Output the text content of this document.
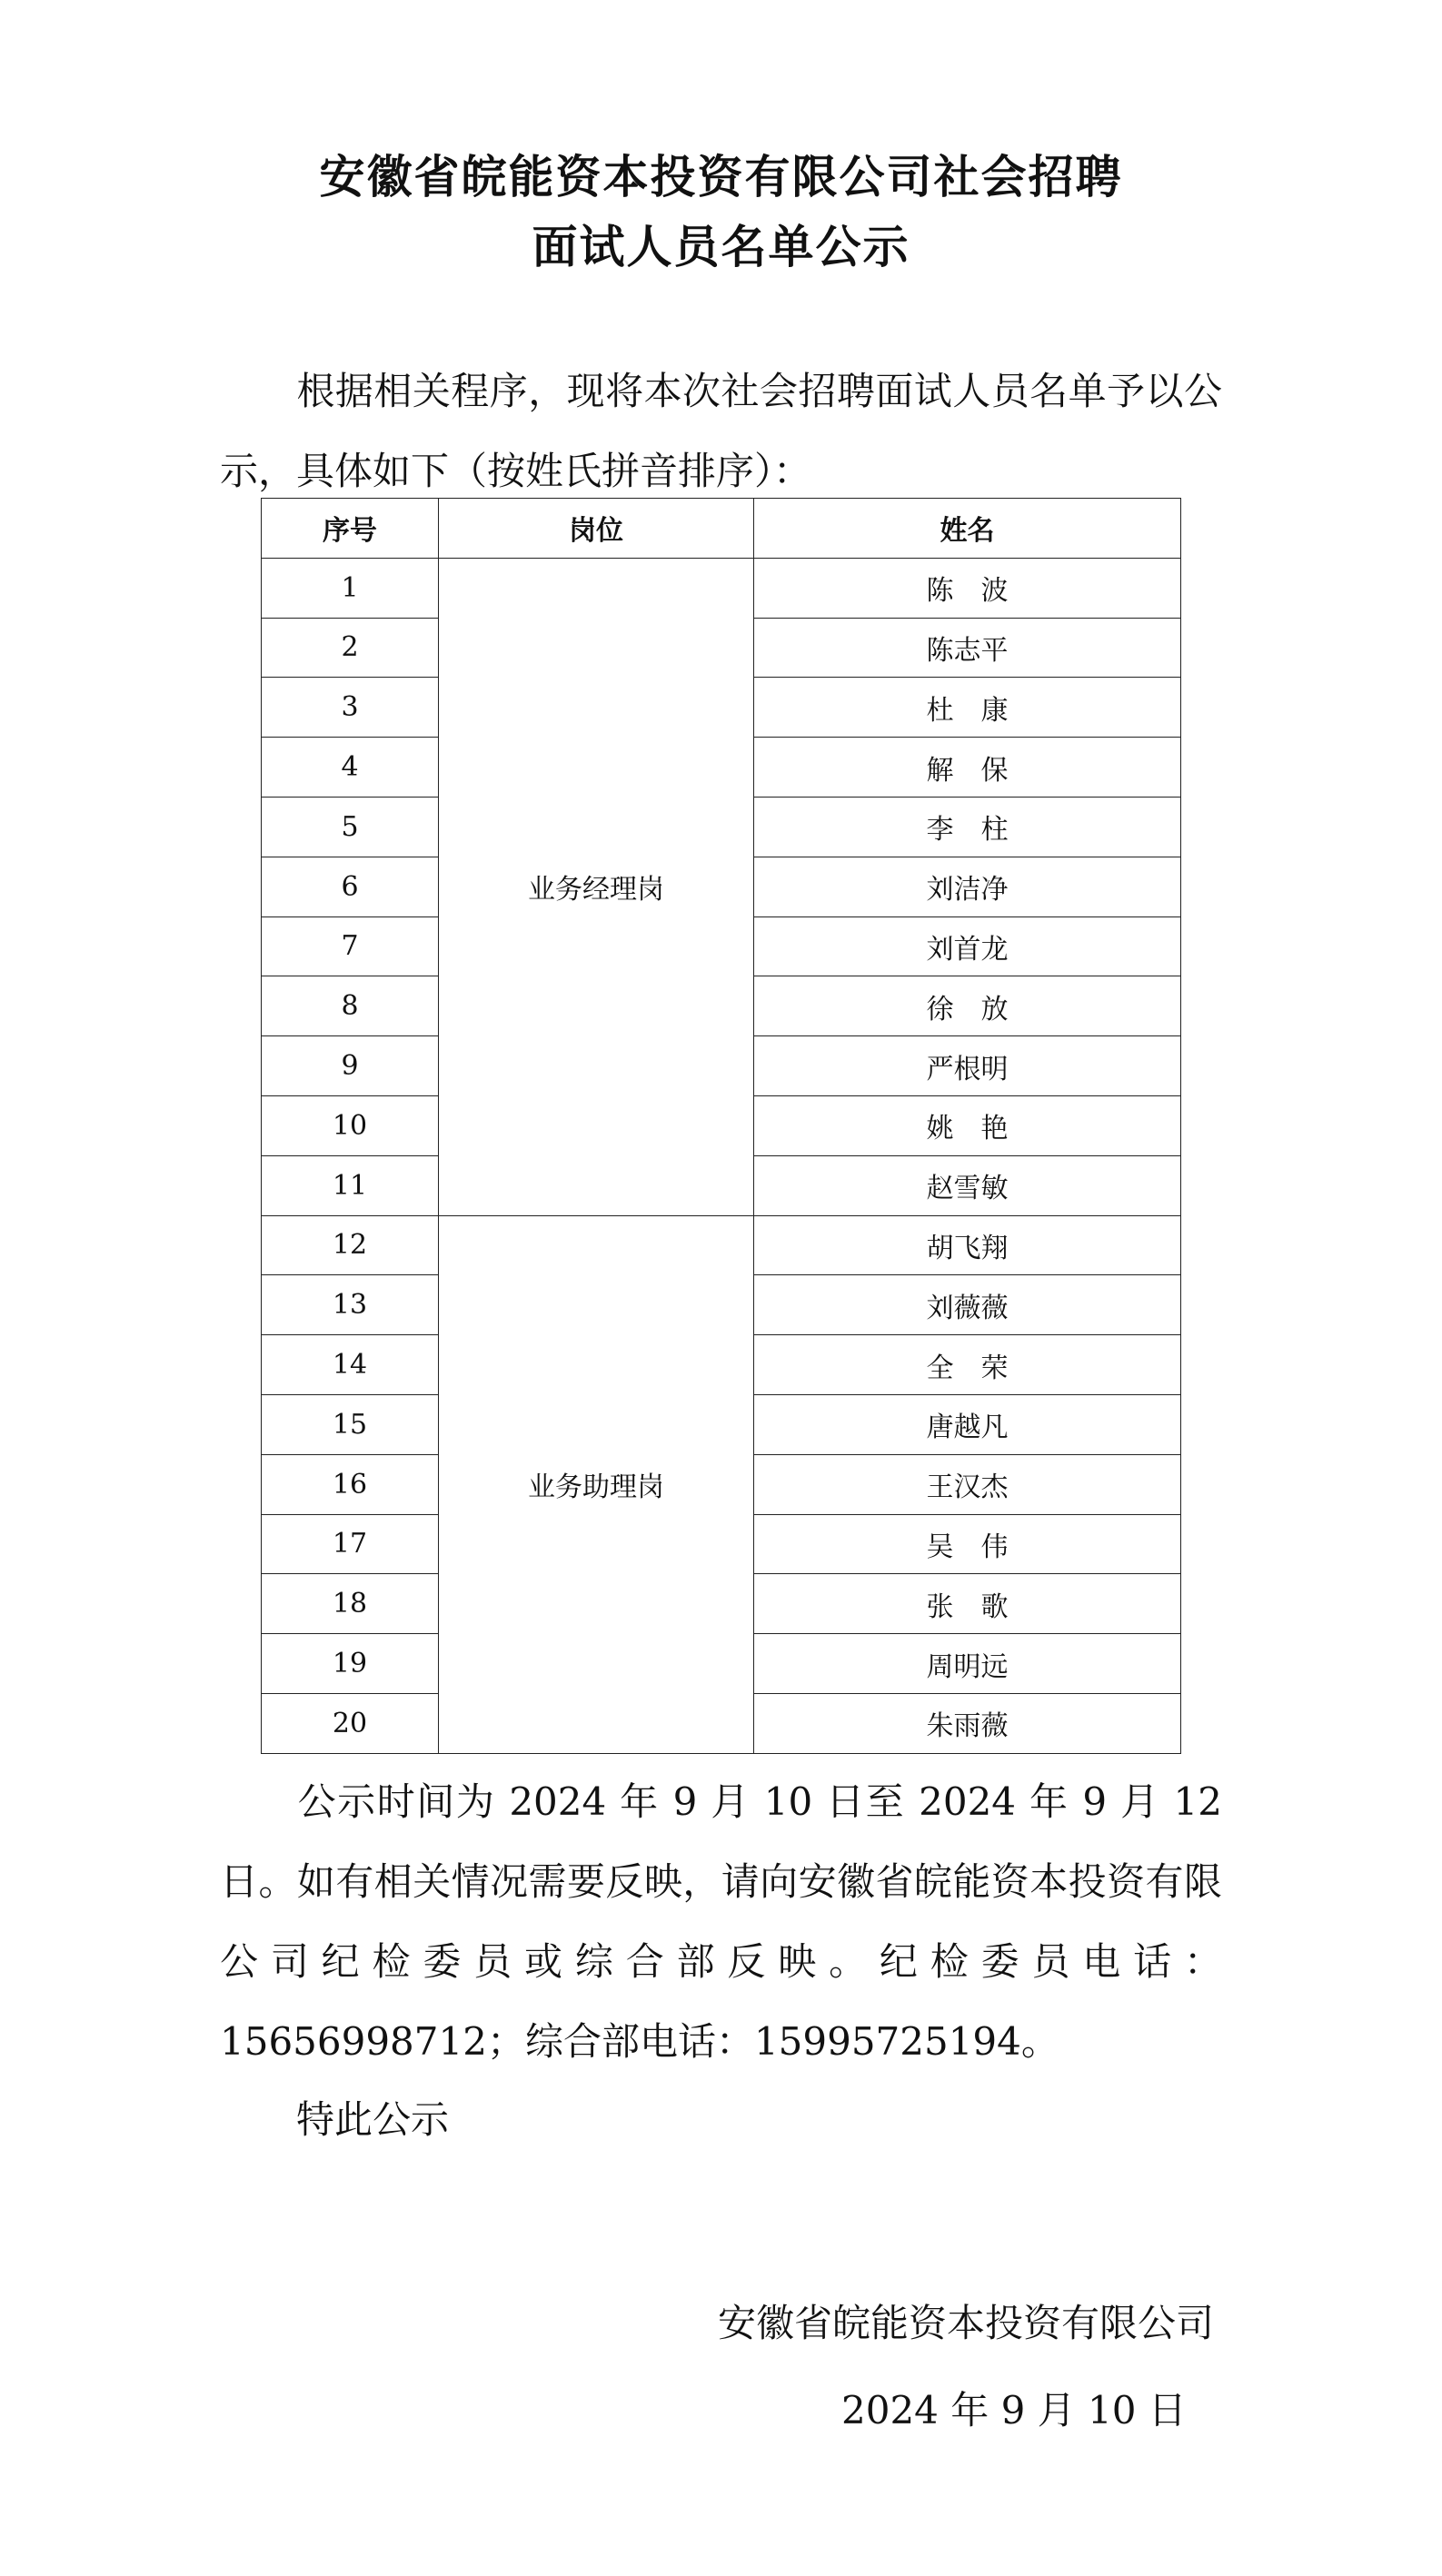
安徽省皖能资本投资有限公司社会招聘
面试人员名单公示
根据相关程序，现将本次社会招聘面试人员名单予以公示，具体如下（按姓氏拼音排序）：
序号	岗位	姓名
1	业务经理岗	陈　波
2		陈志平
3		杜　康
4		解　保
5		李　柱
6		刘洁净
7		刘首龙
8		徐　放
9		严根明
10		姚　艳
11		赵雪敏
12	业务助理岗	胡飞翔
13		刘薇薇
14		全　荣
15		唐越凡
16		王汉杰
17		吴　伟
18		张　歌
19		周明远
20		朱雨薇
公示时间为 2024 年 9 月 10 日至 2024 年 9 月 12 日。如有相关情况需要反映，请向安徽省皖能资本投资有限公司纪检委员或综合部反映。纪检委员电话：15656998712；综合部电话：15995725194。
特此公示
安徽省皖能资本投资有限公司
2024 年 9 月 10 日
